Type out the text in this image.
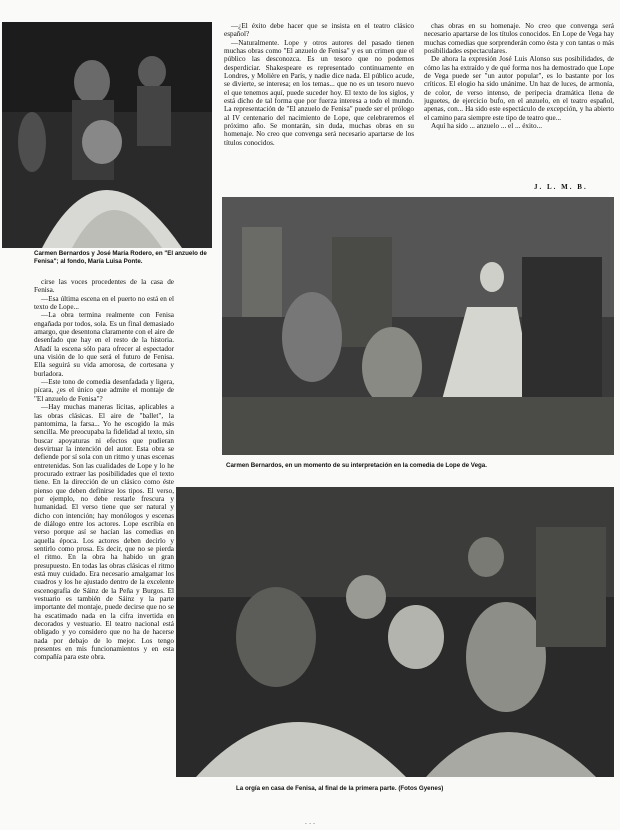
Carmen Bernardos y José María Rodero, en "El anzuelo de Fenisa"; al fondo, María Luisa Ponte.
Carmen Bernardos, en un momento de su interpretación en la comedia de Lope de Vega.
La orgía en casa de Fenisa, al final de la primera parte. (Fotos Gyenes)

—¿El éxito debe hacer que se insista en el teatro clásico español?

—Naturalmente. Lope y otros autores del pasado tienen muchas obras como "El anzuelo de Fenisa" y es un crimen que el público las desconozca. Es un tesoro que no podemos desperdiciar. Shakespeare es representado continuamente en Londres, y Molière en París, y nadie dice nada. El público acude, se divierte, se interesa; en los temas... que no es un tesoro nuevo el que tenemos aquí, puede suceder hoy. El texto de los siglos, y está dicho de tal forma que por fuerza interesa a todo el mundo. La representación de "El anzuelo de Fenisa" puede ser el prólogo al IV centenario del nacimiento de Lope, que celebraremos el próximo año. Se montarán, sin duda, muchas obras en su homenaje. No creo que convenga será necesario apartarse de los títulos conocidos.

chas obras en su homenaje. No creo que convenga será necesario apartarse de los títulos conocidos. En Lope de Vega hay muchas comedias que sorprenderán como ésta y con tantas o más posibilidades espectaculares.

De ahora la expresión José Luis Alonso sus posibilidades, de cómo las ha extraído y de qué forma nos ha demostrado que Lope de Vega puede ser "un autor popular", es lo bastante por los críticos. El elogio ha sido unánime. Un haz de luces, de armonía, de color, de verso intenso, de peripecia dramática llena de juguetes, de ejercicio bufo, en el anzuelo, en el teatro español, apenas, con... Ha sido este espectáculo de excepción, y ha abierto el camino para siempre este tipo de teatro que...

Aquí ha sido ... anzuelo ... el ... éxito...

J. L. M. B.

cirse las voces procedentes de la casa de Fenisa.

—Esa última escena en el puerto no está en el texto de Lope...

—La obra termina realmente con Fenisa engañada por todos, sola. Es un final demasiado amargo, que desentona claramente con el aire de desenfado que hay en el resto de la historia. Añadí la escena sólo para ofrecer al espectador una visión de lo que será el futuro de Fenisa. Ella seguirá su vida amorosa, de cortesana y burladora.

—Este tono de comedia desenfadada y ligera, pícara, ¿es el único que admite el montaje de "El anzuelo de Fenisa"?

—Hay muchas maneras lícitas, aplicables a las obras clásicas. El aire de "ballet", la pantomima, la farsa... Yo he escogido la más sencilla. Me preocupaba la fidelidad al texto, sin buscar apoyaturas ni efectos que pudieran desvirtuar la intención del autor. Esta obra se defiende por sí sola con un ritmo y unas escenas entretenidas. Son las cualidades de Lope y lo he procurado extraer las posibilidades que el texto tiene. En la dirección de un clásico como éste pienso que deben definirse los tipos. El verso, por ejemplo, no debe restarle frescura y humanidad. El verso tiene que ser natural y dicho con intención; hay monólogos y escenas de diálogo entre los actores. Lope escribía en verso porque así se hacían las comedias en aquella época. Los actores deben decirlo y sentirlo como prosa. Es decir, que no se pierda el ritmo. En la obra ha habido un gran presupuesto. En todas las obras clásicas el ritmo está muy cuidado. Era necesario amalgamar los cuadros y los he ajustado dentro de la excelente escenografía de Sáinz de la Peña y Burgos. El vestuario es también de Sáinz y la parte importante del montaje, puede decirse que no se ha escatimado nada en la cifra invertida en decorados y vestuario. El teatro nacional está obligado y yo considero que no ha de hacerse nada por debajo de lo mejor. Los tengo presentes en mis funcionamientos y en esta compañía para este obra.

· · ·
